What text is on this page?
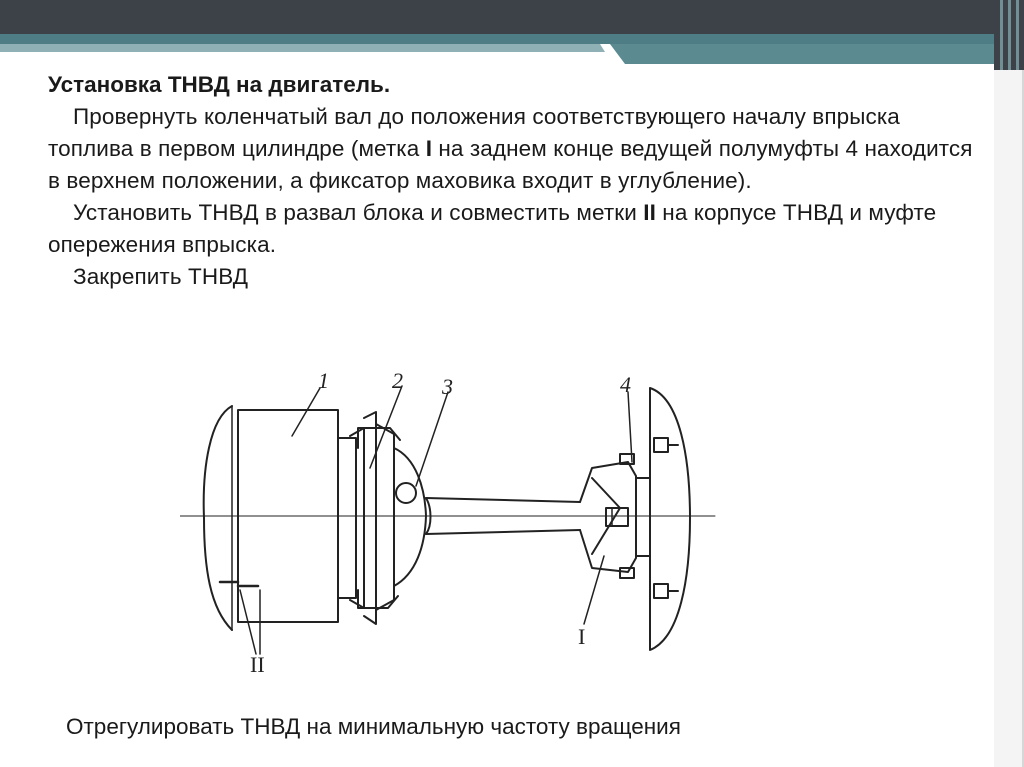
Установка ТНВД на двигатель.

Провернуть коленчатый вал до положения соответствующего началу впрыска топлива в первом цилиндре (метка I на заднем конце ведущей полумуфты 4 находится в верхнем положении, а фиксатор маховика входит в углубление).

Установить ТНВД в развал блока и совместить метки II на корпусе ТНВД и муфте опережения впрыска.

Закрепить ТНВД

1	2 3	4
I
II

Отрегулировать ТНВД на минимальную частоту вращения
